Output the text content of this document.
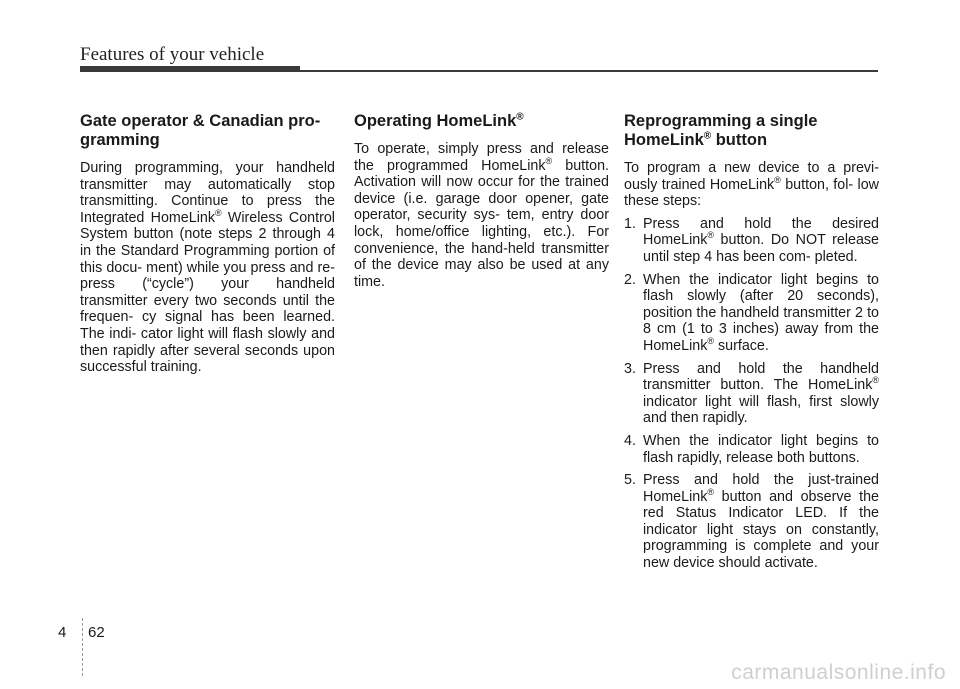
Features of your vehicle
Gate operator & Canadian pro- gramming

During programming, your handheld transmitter may automatically stop transmitting. Continue to press the Integrated HomeLink® Wireless Control System button (note steps 2 through 4 in the Standard Programming portion of this docu- ment) while you press and re-press (“cycle”) your handheld transmitter every two seconds until the frequen- cy signal has been learned. The indi- cator light will flash slowly and then rapidly after several seconds upon successful training.

Operating HomeLink®

To operate, simply press and release the programmed HomeLink® button. Activation will now occur for the trained device (i.e. garage door opener, gate operator, security sys- tem, entry door lock, home/office lighting, etc.). For convenience, the hand-held transmitter of the device may also be used at any time.

Reprogramming a single HomeLink® button

To program a new device to a previ- ously trained HomeLink® button, fol- low these steps:

1. Press and hold the desired HomeLink® button. Do NOT release until step 4 has been com- pleted.
2. When the indicator light begins to flash slowly (after 20 seconds), position the handheld transmitter 2 to 8 cm (1 to 3 inches) away from the HomeLink® surface.
3. Press and hold the handheld transmitter button. The HomeLink® indicator light will flash, first slowly and then rapidly.
4. When the indicator light begins to flash rapidly, release both buttons.
5. Press and hold the just-trained HomeLink® button and observe the red Status Indicator LED. If the indicator light stays on constantly, programming is complete and your new device should activate.
4 62
carmanualsonline.info
